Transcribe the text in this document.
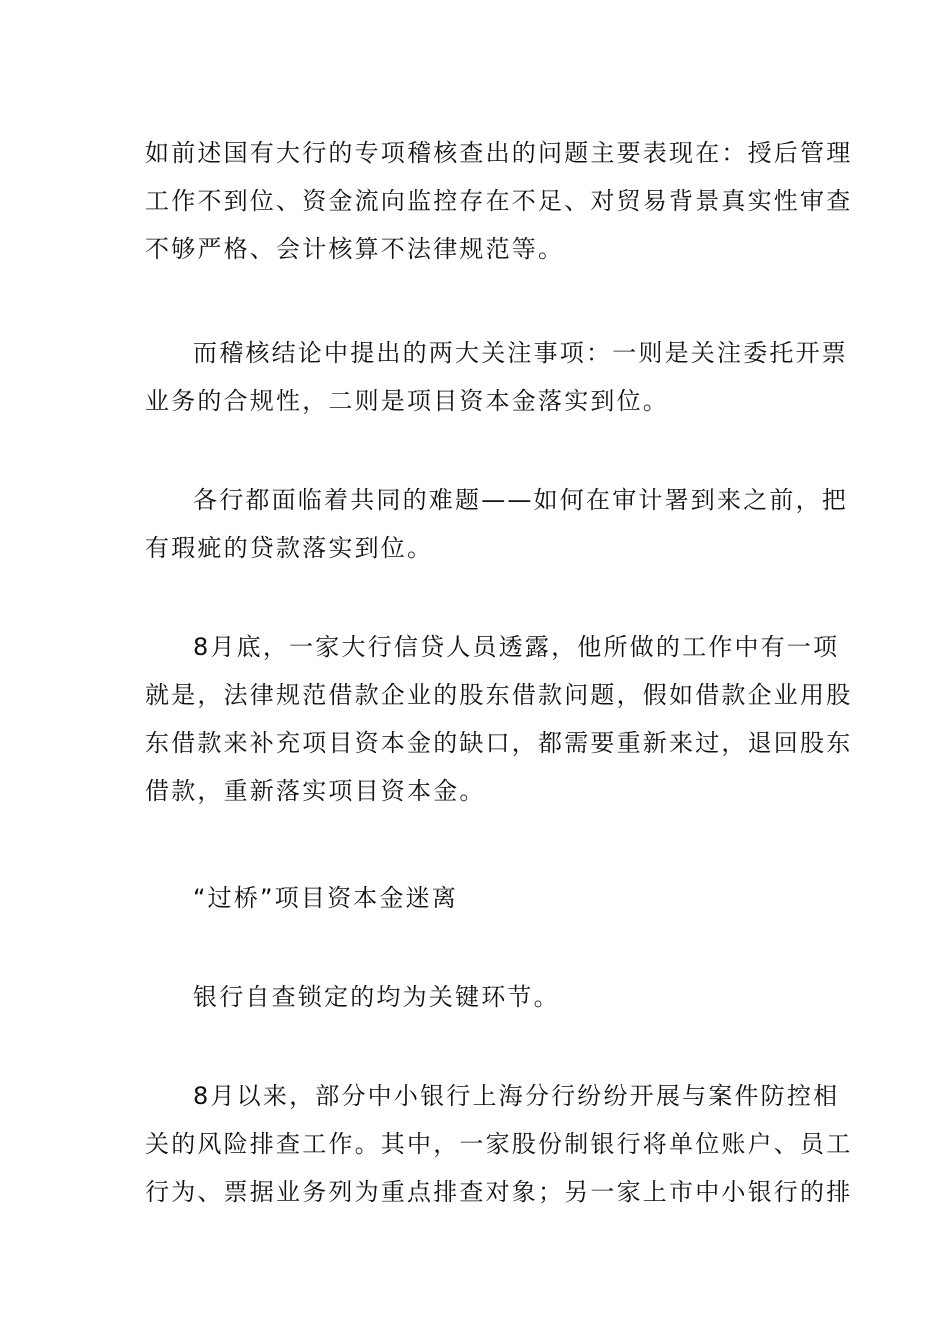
如前述国有大行的专项稽核查出的问题主要表现在：授后管理
工作不到位、资金流向监控存在不足、对贸易背景真实性审查
不够严格、会计核算不法律规范等。

而稽核结论中提出的两大关注事项：一则是关注委托开票
业务的合规性，二则是项目资本金落实到位。

各行都面临着共同的难题——如何在审计署到来之前，把
有瑕疵的贷款落实到位。

8月底，一家大行信贷人员透露，他所做的工作中有一项
就是，法律规范借款企业的股东借款问题，假如借款企业用股
东借款来补充项目资本金的缺口，都需要重新来过，退回股东
借款，重新落实项目资本金。

“过桥”项目资本金迷离

银行自查锁定的均为关键环节。

8月以来，部分中小银行上海分行纷纷开展与案件防控相
关的风险排查工作。其中，一家股份制银行将单位账户、员工
行为、票据业务列为重点排查对象；另一家上市中小银行的排
